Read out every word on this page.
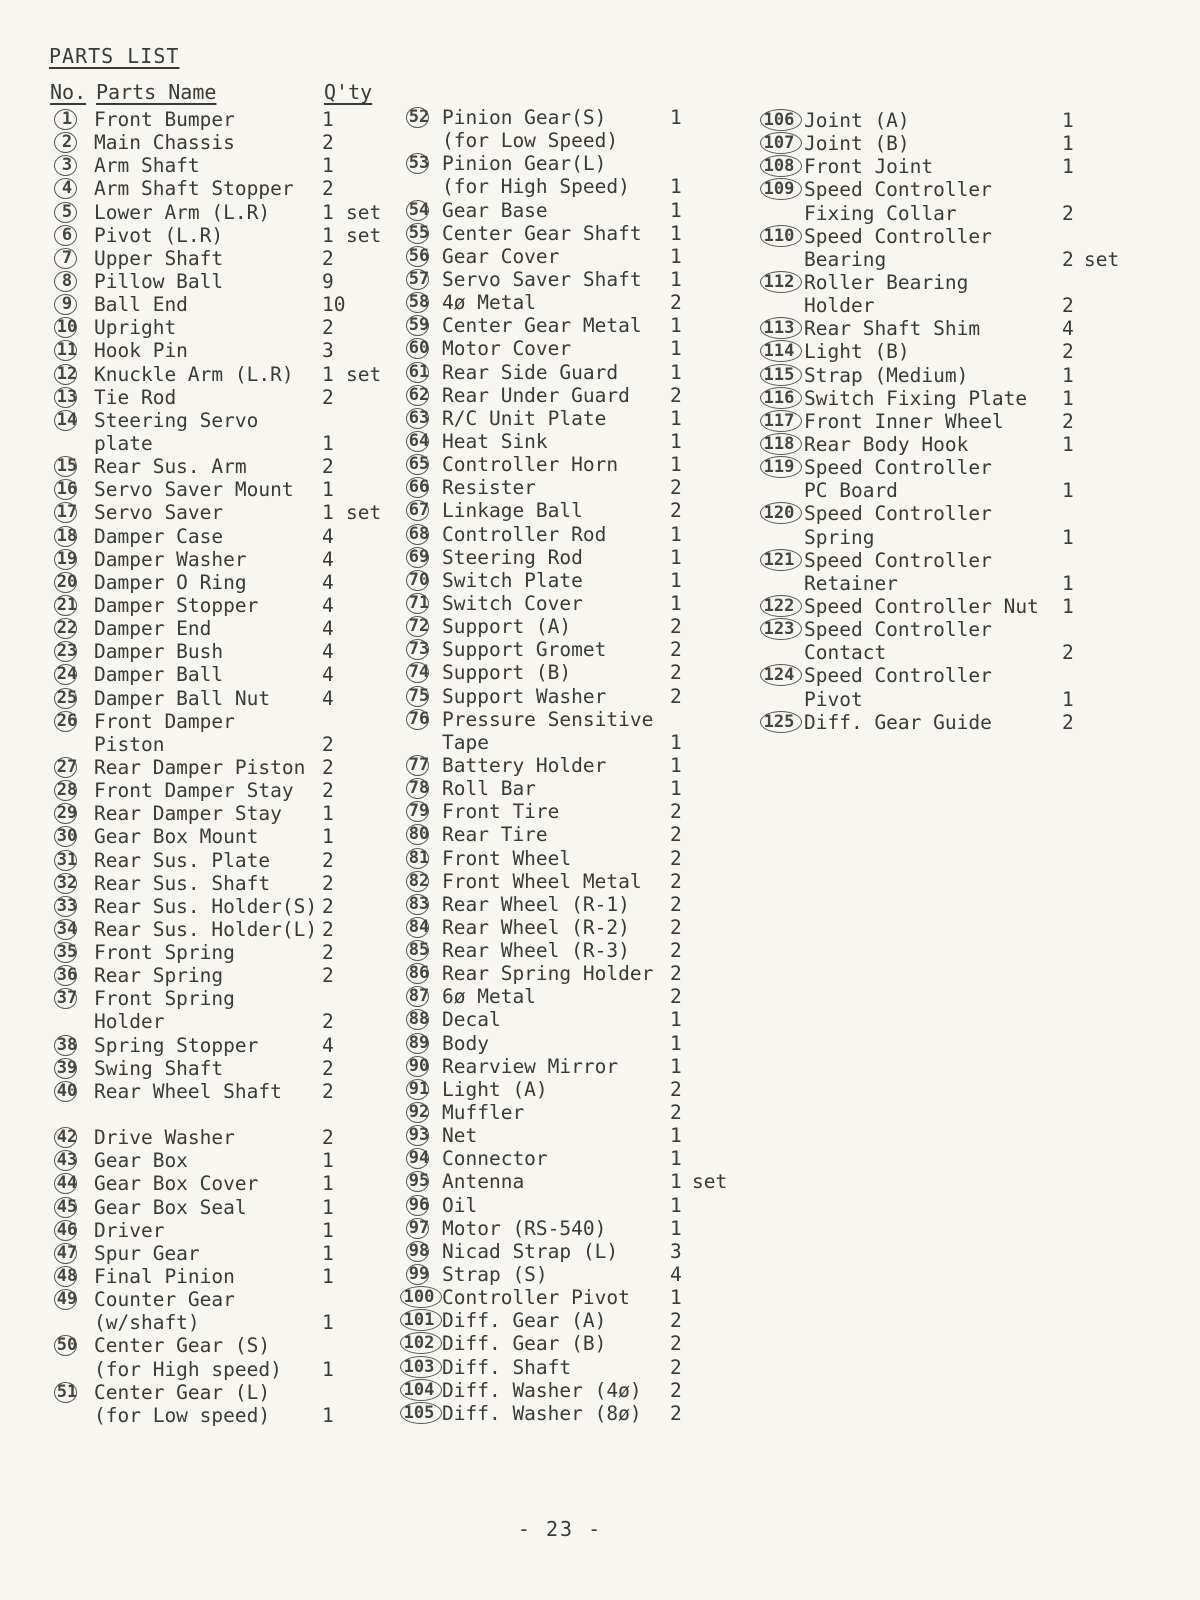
PARTS LIST
No. Parts Name	Q'ty
1	Front Bumper	1
2	Main Chassis	2
3	Arm Shaft	1
4	Arm Shaft Stopper 2
5	Lower Arm (L.R)	1 set
6	Pivot (L.R)	1 set
7	Upper Shaft	2
8	Pillow Ball	9
9	Ball End	10
10 Upright	2
11 Hook Pin	3
12 Knuckle Arm (L.R) 1 set
13 Tie Rod	2
14 Steering Servo
plate	1
15 Rear Sus. Arm	2
16 Servo Saver Mount 1
17 Servo Saver	1 set
18 Damper Case	4
19 Damper Washer	4
20 Damper O Ring	4
21 Damper Stopper	4
22 Damper End	4
23 Damper Bush	4
24 Damper Ball	4
25 Damper Ball Nut	4
26 Front Damper
Piston	2
27 Rear Damper Piston 2
28 Front Damper Stay 2
29 Rear Damper Stay 1
30 Gear Box Mount	1
31 Rear Sus. Plate	2
32 Rear Sus. Shaft	2
33 Rear Sus. Holder(S) 2
34 Rear Sus. Holder(L) 2
35 Front Spring	2
36 Rear Spring	2
37 Front Spring
Holder	2
38 Spring Stopper	4
39 Swing Shaft	2
40 Rear Wheel Shaft 2
42 Drive Washer	2
43 Gear Box	1
44 Gear Box Cover	1
45 Gear Box Seal	1
46 Driver	1
47 Spur Gear	1
48 Final Pinion	1
49 Counter Gear
(w/shaft)	1
50 Center Gear (S)
(for High speed) 1
51 Center Gear (L)
(for Low speed)	1
52 Pinion Gear(S)	1
(for Low Speed)
53 Pinion Gear(L)
(for High Speed) 1
54 Gear Base	1
55 Center Gear Shaft 1
56 Gear Cover	1
57 Servo Saver Shaft 1
58 4ø Metal	2
59 Center Gear Metal 1
60 Motor Cover	1
61 Rear Side Guard	1
62 Rear Under Guard 2
63 R/C Unit Plate	1
64 Heat Sink	1
65 Controller Horn	1
66 Resister	2
67 Linkage Ball	2
68 Controller Rod	1
69 Steering Rod	1
70 Switch Plate	1
71 Switch Cover	1
72 Support (A)	2
73 Support Gromet	2
74 Support (B)	2
75 Support Washer	2
76 Pressure Sensitive
Tape	1
77 Battery Holder	1
78 Roll Bar	1
79 Front Tire	2
80 Rear Tire	2
81 Front Wheel	2
82 Front Wheel Metal 2
83 Rear Wheel (R-1) 2
84 Rear Wheel (R-2) 2
85 Rear Wheel (R-3) 2
86 Rear Spring Holder 2
87 6ø Metal	2
88 Decal	1
89 Body	1
90 Rearview Mirror	1
91 Light (A)	2
92 Muffler	2
93 Net	1
94 Connector	1
95 Antenna	1 set
96 Oil	1
97 Motor (RS-540)	1
98 Nicad Strap (L)	3
99 Strap (S)	4
100 Controller Pivot 1
101 Diff. Gear (A)	2
102 Diff. Gear (B)	2
103 Diff. Shaft	2
104 Diff. Washer (4ø) 2
105 Diff. Washer (8ø) 2
106 Joint (A)	1
107 Joint (B)	1
108 Front Joint	1
109 Speed Controller
Fixing Collar	2
110 Speed Controller
Bearing	2 set
112 Roller Bearing
Holder	2
113 Rear Shaft Shim	4
114 Light (B)	2
115 Strap (Medium)	1
116 Switch Fixing Plate 1
117 Front Inner Wheel	2
118 Rear Body Hook	1
119 Speed Controller
PC Board	1
120 Speed Controller
Spring	1
121 Speed Controller
Retainer	1
122 Speed Controller Nut 1
123 Speed Controller
Contact	2
124 Speed Controller
Pivot	1
125 Diff. Gear Guide	2
- 23 -
